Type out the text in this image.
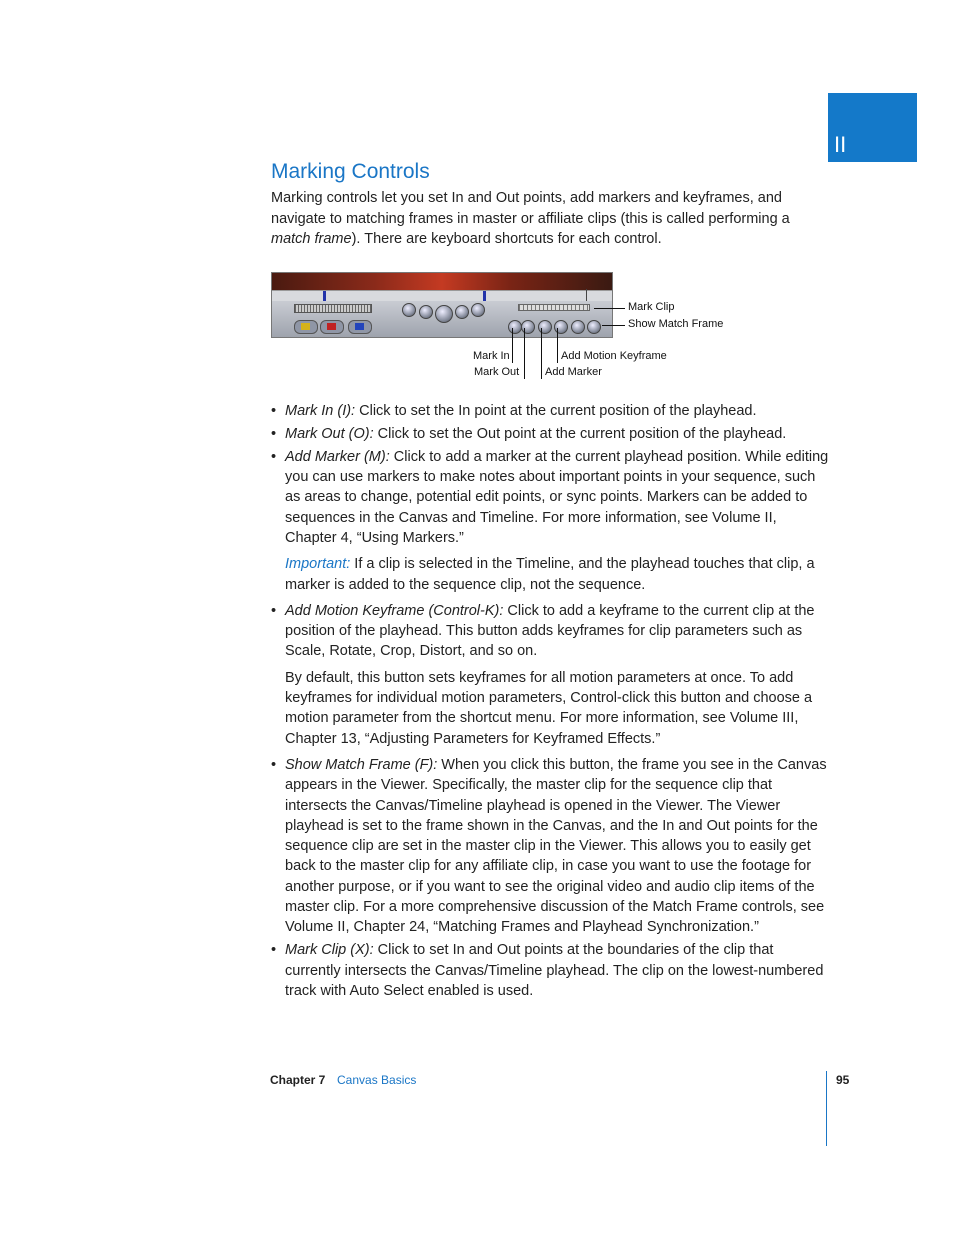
II
Marking Controls

Marking controls let you set In and Out points, add markers and keyframes, and navigate to matching frames in master or affiliate clips (this is called performing a match frame). There are keyboard shortcuts for each control.

Mark Clip
Show Match Frame
Mark In
Mark Out
Add Motion Keyframe
Add Marker
• Mark In (I): Click to set the In point at the current position of the playhead.
• Mark Out (O): Click to set the Out point at the current position of the playhead.
• Add Marker (M): Click to add a marker at the current playhead position. While editing you can use markers to make notes about important points in your sequence, such as areas to change, potential edit points, or sync points. Markers can be added to sequences in the Canvas and Timeline. For more information, see Volume II, Chapter 4, “Using Markers.”

Important: If a clip is selected in the Timeline, and the playhead touches that clip, a marker is added to the sequence clip, not the sequence.

• Add Motion Keyframe (Control-K): Click to add a keyframe to the current clip at the position of the playhead. This button adds keyframes for clip parameters such as Scale, Rotate, Crop, Distort, and so on.

By default, this button sets keyframes for all motion parameters at once. To add keyframes for individual motion parameters, Control-click this button and choose a motion parameter from the shortcut menu. For more information, see Volume III, Chapter 13, “Adjusting Parameters for Keyframed Effects.”

• Show Match Frame (F): When you click this button, the frame you see in the Canvas appears in the Viewer. Specifically, the master clip for the sequence clip that intersects the Canvas/Timeline playhead is opened in the Viewer. The Viewer playhead is set to the frame shown in the Canvas, and the In and Out points for the sequence clip are set in the master clip in the Viewer. This allows you to easily get back to the master clip for any affiliate clip, in case you want to use the footage for another purpose, or if you want to see the original video and audio clip items of the master clip. For a more comprehensive discussion of the Match Frame controls, see Volume II, Chapter 24, “Matching Frames and Playhead Synchronization.”
• Mark Clip (X): Click to set In and Out points at the boundaries of the clip that currently intersects the Canvas/Timeline playhead. The clip on the lowest-numbered track with Auto Select enabled is used.
Chapter 7 Canvas Basics	95
